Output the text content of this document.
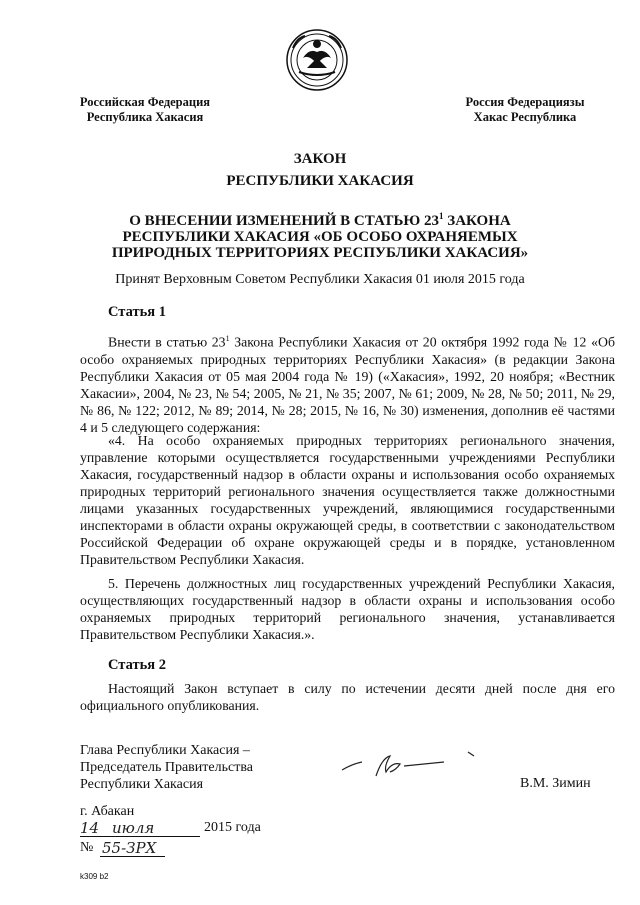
Российская Федерация
Республика Хакасия
Россия Федерациязы
Хакас Республика
ЗАКОН
РЕСПУБЛИКИ ХАКАСИЯ
О ВНЕСЕНИИ ИЗМЕНЕНИЙ В СТАТЬЮ $23^1$ ЗАКОНА
РЕСПУБЛИКИ ХАКАСИЯ «ОБ ОСОБО ОХРАНЯЕМЫХ
ПРИРОДНЫХ ТЕРРИТОРИЯХ РЕСПУБЛИКИ ХАКАСИЯ»
Принят Верховным Советом Республики Хакасия 01 июля 2015 года
Статья 1

Внести в статью $23^1$ Закона Республики Хакасия от 20 октября 1992 года № 12 «Об особо охраняемых природных территориях Республики Хакасия» (в редакции Закона Республики Хакасия от 05 мая 2004 года № 19) («Хакасия», 1992, 20 ноября; «Вестник Хакасии», 2004, № 23, № 54; 2005, № 21, № 35; 2007, № 61; 2009, № 28, № 50; 2011, № 29, № 86, № 122; 2012, № 89; 2014, № 28; 2015, № 16, № 30) изменения, дополнив её частями 4 и 5 следующего содержания:

«4. На особо охраняемых природных территориях регионального значения, управление которыми осуществляется государственными учреждениями Республики Хакасия, государственный надзор в области охраны и использования особо охраняемых природных территорий регионального значения осуществляется также должностными лицами указанных государственных учреждений, являющимися государственными инспекторами в области охраны окружающей среды, в соответствии с законодательством Российской Федерации об охране окружающей среды и в порядке, установленном Правительством Республики Хакасия.

5. Перечень должностных лиц государственных учреждений Республики Хакасия, осуществляющих государственный надзор в области охраны и использования особо охраняемых природных территорий регионального значения, устанавливается Правительством Республики Хакасия.».

Статья 2

Настоящий Закон вступает в силу по истечении десяти дней после дня его официального опубликования.

Глава Республики Хакасия –
Председатель Правительства
Республики Хакасия	В.М. Зимин
г. Абакан
14 июля	2015 года
№ 55-ЗРХ
k309 b2
